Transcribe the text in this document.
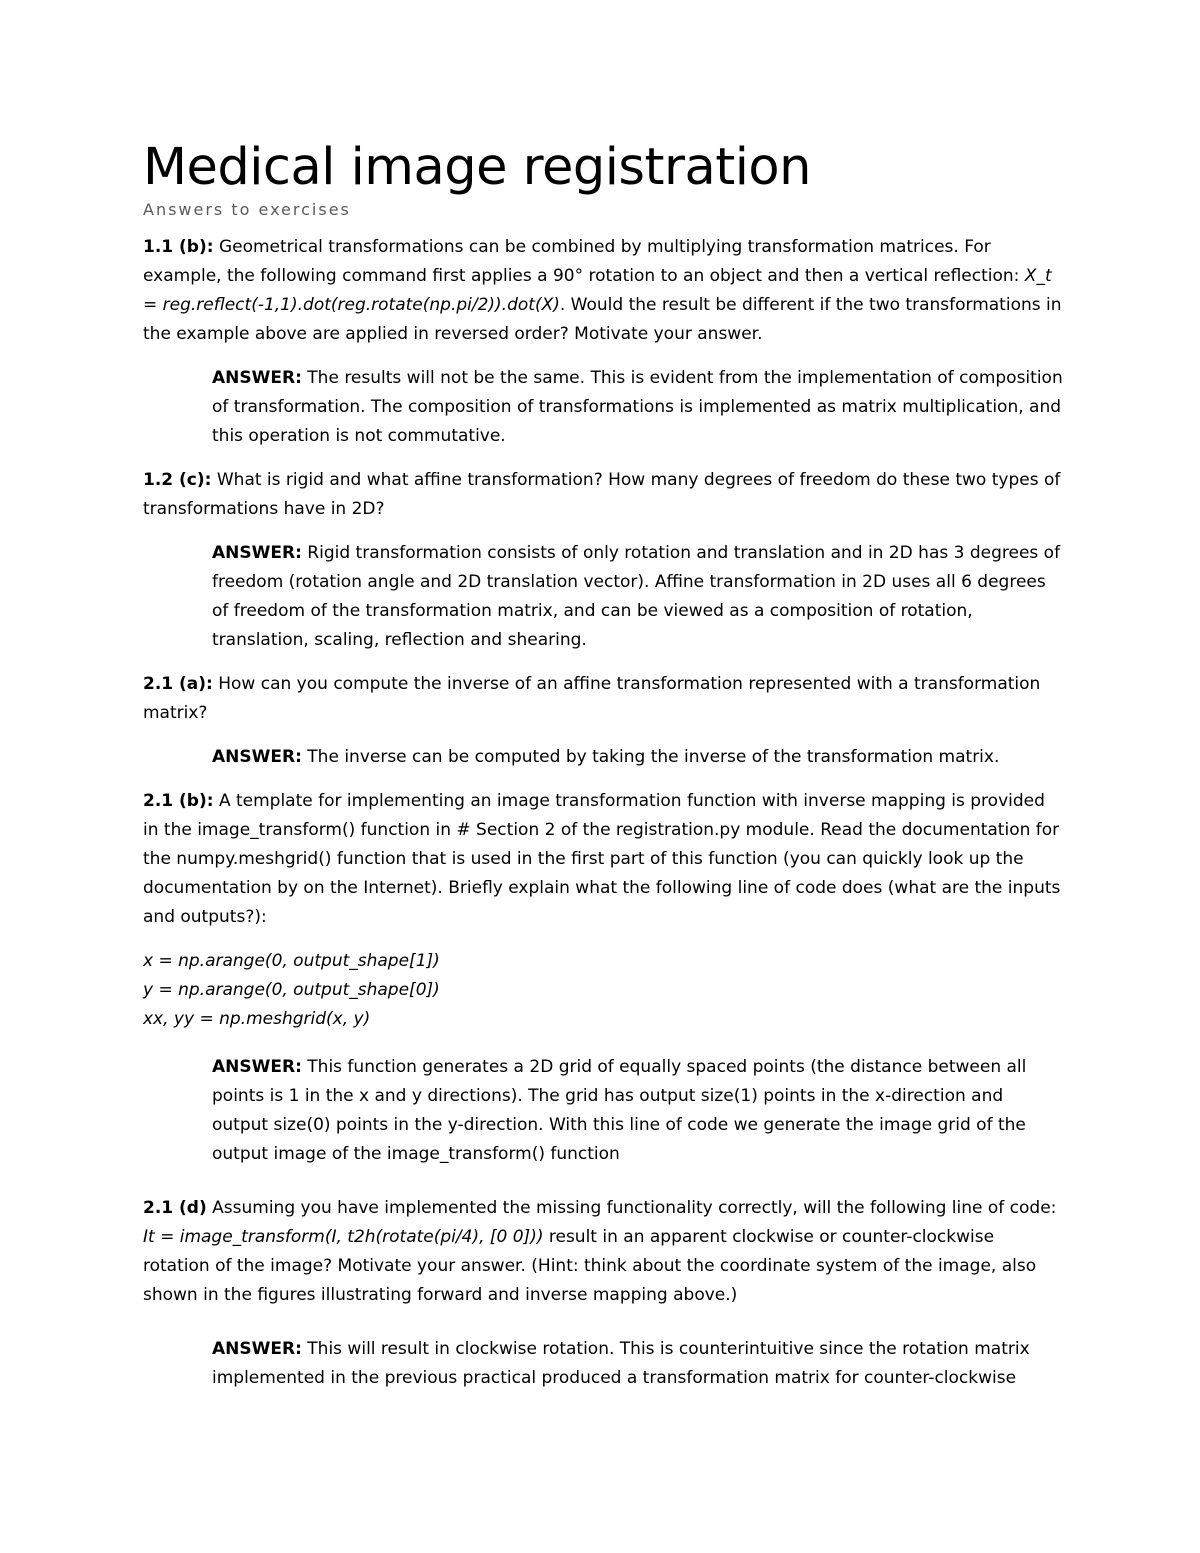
Medical image registration
Answers to exercises

1.1 (b): Geometrical transformations can be combined by multiplying transformation matrices. For example, the following command first applies a 90° rotation to an object and then a vertical reflection: X_t = reg.reflect(-1,1).dot(reg.rotate(np.pi/2)).dot(X). Would the result be different if the two transformations in the example above are applied in reversed order? Motivate your answer.

ANSWER: The results will not be the same. This is evident from the implementation of composition of transformation. The composition of transformations is implemented as matrix multiplication, and this operation is not commutative.

1.2 (c): What is rigid and what affine transformation? How many degrees of freedom do these two types of transformations have in 2D?

ANSWER: Rigid transformation consists of only rotation and translation and in 2D has 3 degrees of freedom (rotation angle and 2D translation vector). Affine transformation in 2D uses all 6 degrees of freedom of the transformation matrix, and can be viewed as a composition of rotation, translation, scaling, reflection and shearing.

2.1 (a): How can you compute the inverse of an affine transformation represented with a transformation matrix?

ANSWER: The inverse can be computed by taking the inverse of the transformation matrix.

2.1 (b): A template for implementing an image transformation function with inverse mapping is provided in the image_transform() function in # Section 2 of the registration.py module. Read the documentation for the numpy.meshgrid() function that is used in the first part of this function (you can quickly look up the documentation by on the Internet). Briefly explain what the following line of code does (what are the inputs and outputs?):

x = np.arange(0, output_shape[1])
y = np.arange(0, output_shape[0])
xx, yy = np.meshgrid(x, y)

ANSWER: This function generates a 2D grid of equally spaced points (the distance between all points is 1 in the x and y directions). The grid has output size(1) points in the x-direction and output size(0) points in the y-direction. With this line of code we generate the image grid of the output image of the image_transform() function

2.1 (d) Assuming you have implemented the missing functionality correctly, will the following line of code: It = image_transform(I, t2h(rotate(pi/4), [0 0])) result in an apparent clockwise or counter-clockwise rotation of the image? Motivate your answer. (Hint: think about the coordinate system of the image, also shown in the figures illustrating forward and inverse mapping above.)

ANSWER: This will result in clockwise rotation. This is counterintuitive since the rotation matrix implemented in the previous practical produced a transformation matrix for counter-clockwise
